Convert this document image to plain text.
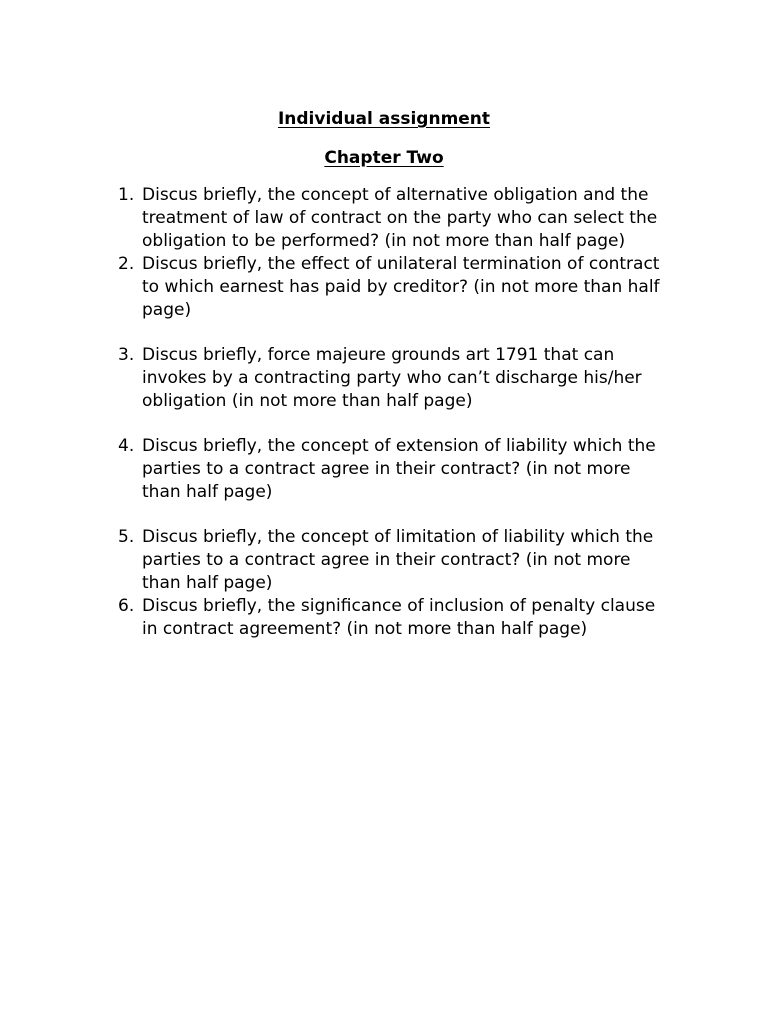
Individual assignment
Chapter Two
1. Discus briefly, the concept of alternative obligation and the
treatment of law of contract on the party who can select the
obligation to be performed? (in not more than half page)
2. Discus briefly, the effect of unilateral termination of contract
to which earnest has paid by creditor? (in not more than half
page)
3. Discus briefly, force majeure grounds art 1791 that can
invokes by a contracting party who can’t discharge his/her
obligation (in not more than half page)
4. Discus briefly, the concept of extension of liability which the
parties to a contract agree in their contract? (in not more
than half page)
5. Discus briefly, the concept of limitation of liability which the
parties to a contract agree in their contract? (in not more
than half page)
6. Discus briefly, the significance of inclusion of penalty clause
in contract agreement? (in not more than half page)
